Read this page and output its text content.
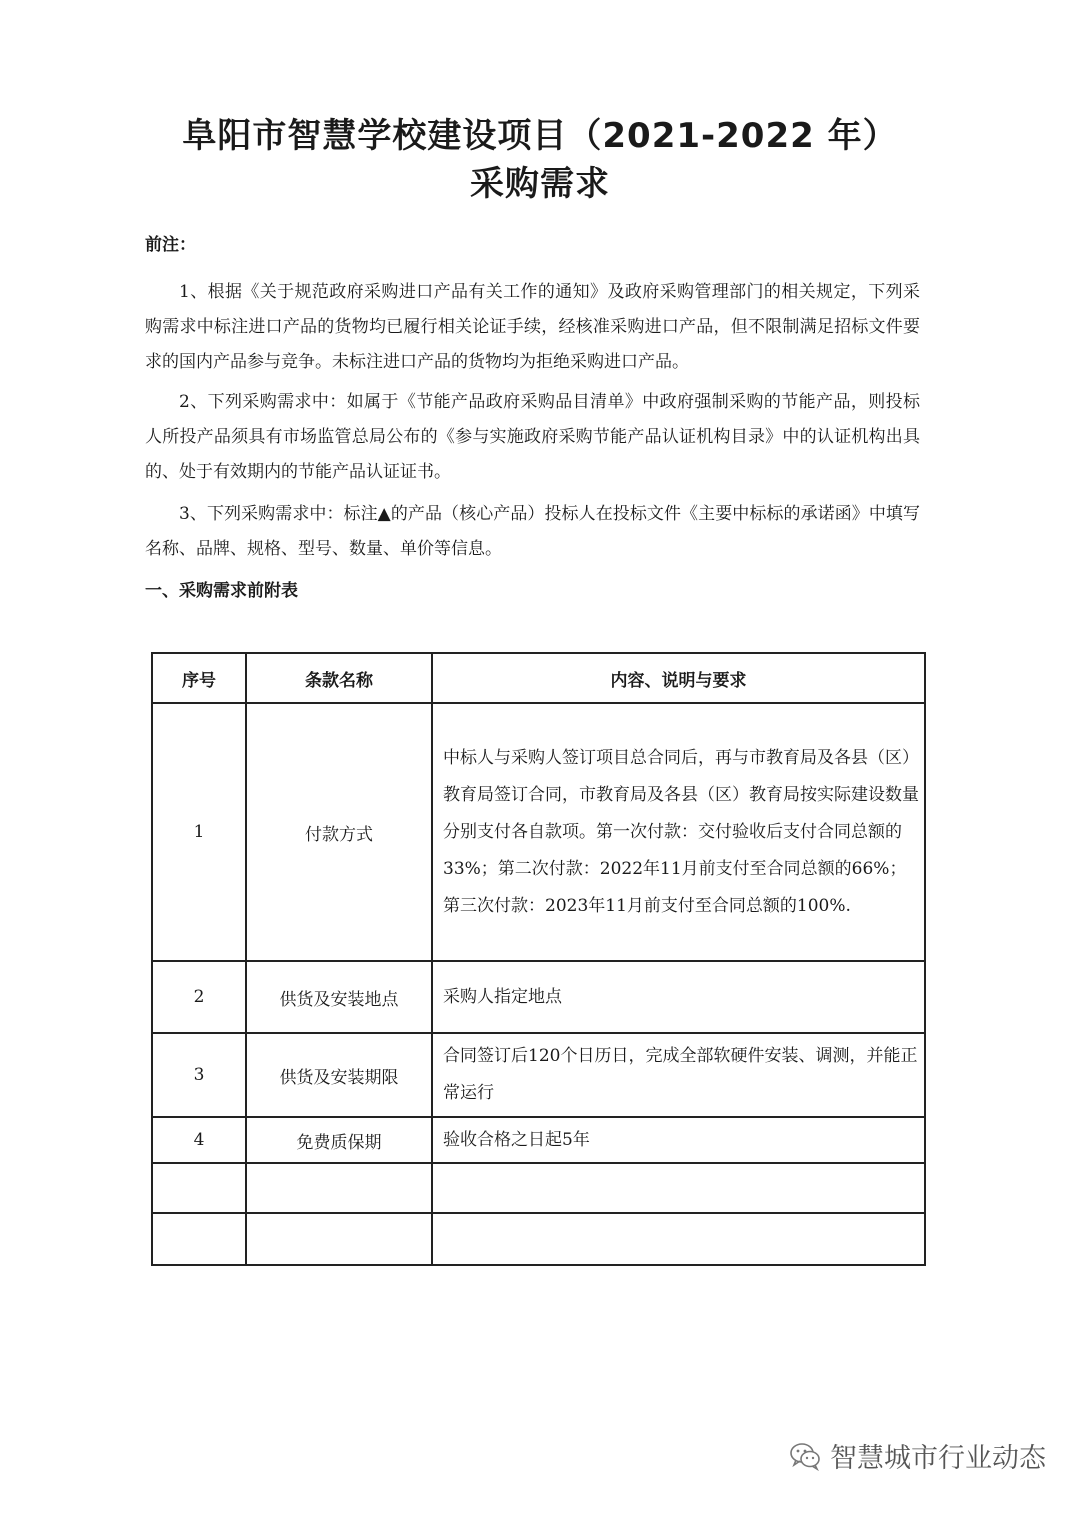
阜阳市智慧学校建设项目（2021-2022 年）
采购需求
前注：

1、根据《关于规范政府采购进口产品有关工作的通知》及政府采购管理部门的相关规定，下列采购需求中标注进口产品的货物均已履行相关论证手续，经核准采购进口产品，但不限制满足招标文件要求的国内产品参与竞争。未标注进口产品的货物均为拒绝采购进口产品。

2、下列采购需求中：如属于《节能产品政府采购品目清单》中政府强制采购的节能产品，则投标人所投产品须具有市场监管总局公布的《参与实施政府采购节能产品认证机构目录》中的认证机构出具的、处于有效期内的节能产品认证证书。

3、下列采购需求中：标注▲的产品（核心产品）投标人在投标文件《主要中标标的承诺函》中填写名称、品牌、规格、型号、数量、单价等信息。

一、采购需求前附表
序号	条款名称	内容、说明与要求
1	付款方式	中标人与采购人签订项目总合同后，再与市教育局及各县（区）教育局签订合同，市教育局及各县（区）教育局按实际建设数量分别支付各自款项。第一次付款：交付验收后支付合同总额的33%；第二次付款：2022年11月前支付至合同总额的66%；第三次付款：2023年11月前支付至合同总额的100%.
2	供货及安装地点	采购人指定地点
3	供货及安装期限	合同签订后120个日历日，完成全部软硬件安装、调测，并能正常运行
4	免费质保期	验收合格之日起5年

智慧城市行业动态
